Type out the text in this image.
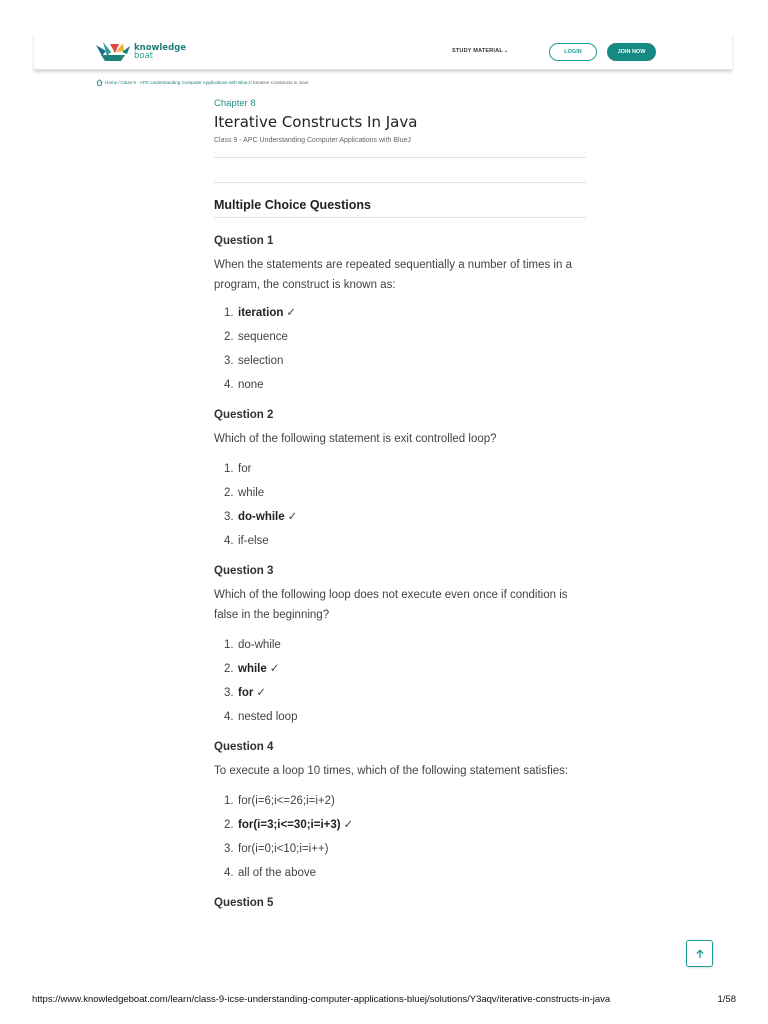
knowledge
boat	STUDY MATERIAL⌄	LOGIN	JOIN NOW
Home / Class 9 - APC Understanding Computer Applications with BlueJ / Iterative Constructs in Java
Chapter 8
Iterative Constructs In Java
Class 9 - APC Understanding Computer Applications with BlueJ
Multiple Choice Questions
Question 1
When the statements are repeated sequentially a number of times in a program, the construct is known as:
1. iteration ✓
2. sequence
3. selection
4. none
Question 2
Which of the following statement is exit controlled loop?
1. for
2. while
3. do-while ✓
4. if-else
Question 3
Which of the following loop does not execute even once if condition is false in the beginning?
1. do-while
2. while ✓
3. for ✓
4. nested loop
Question 4
To execute a loop 10 times, which of the following statement satisfies:
1. for(i=6;i<=26;i=i+2)
2. for(i=3;i<=30;i=i+3) ✓
3. for(i=0;i<10;i=i++)
4. all of the above
Question 5
https://www.knowledgeboat.com/learn/class-9-icse-understanding-computer-applications-bluej/solutions/Y3aqv/iterative-constructs-in-java	1/58
